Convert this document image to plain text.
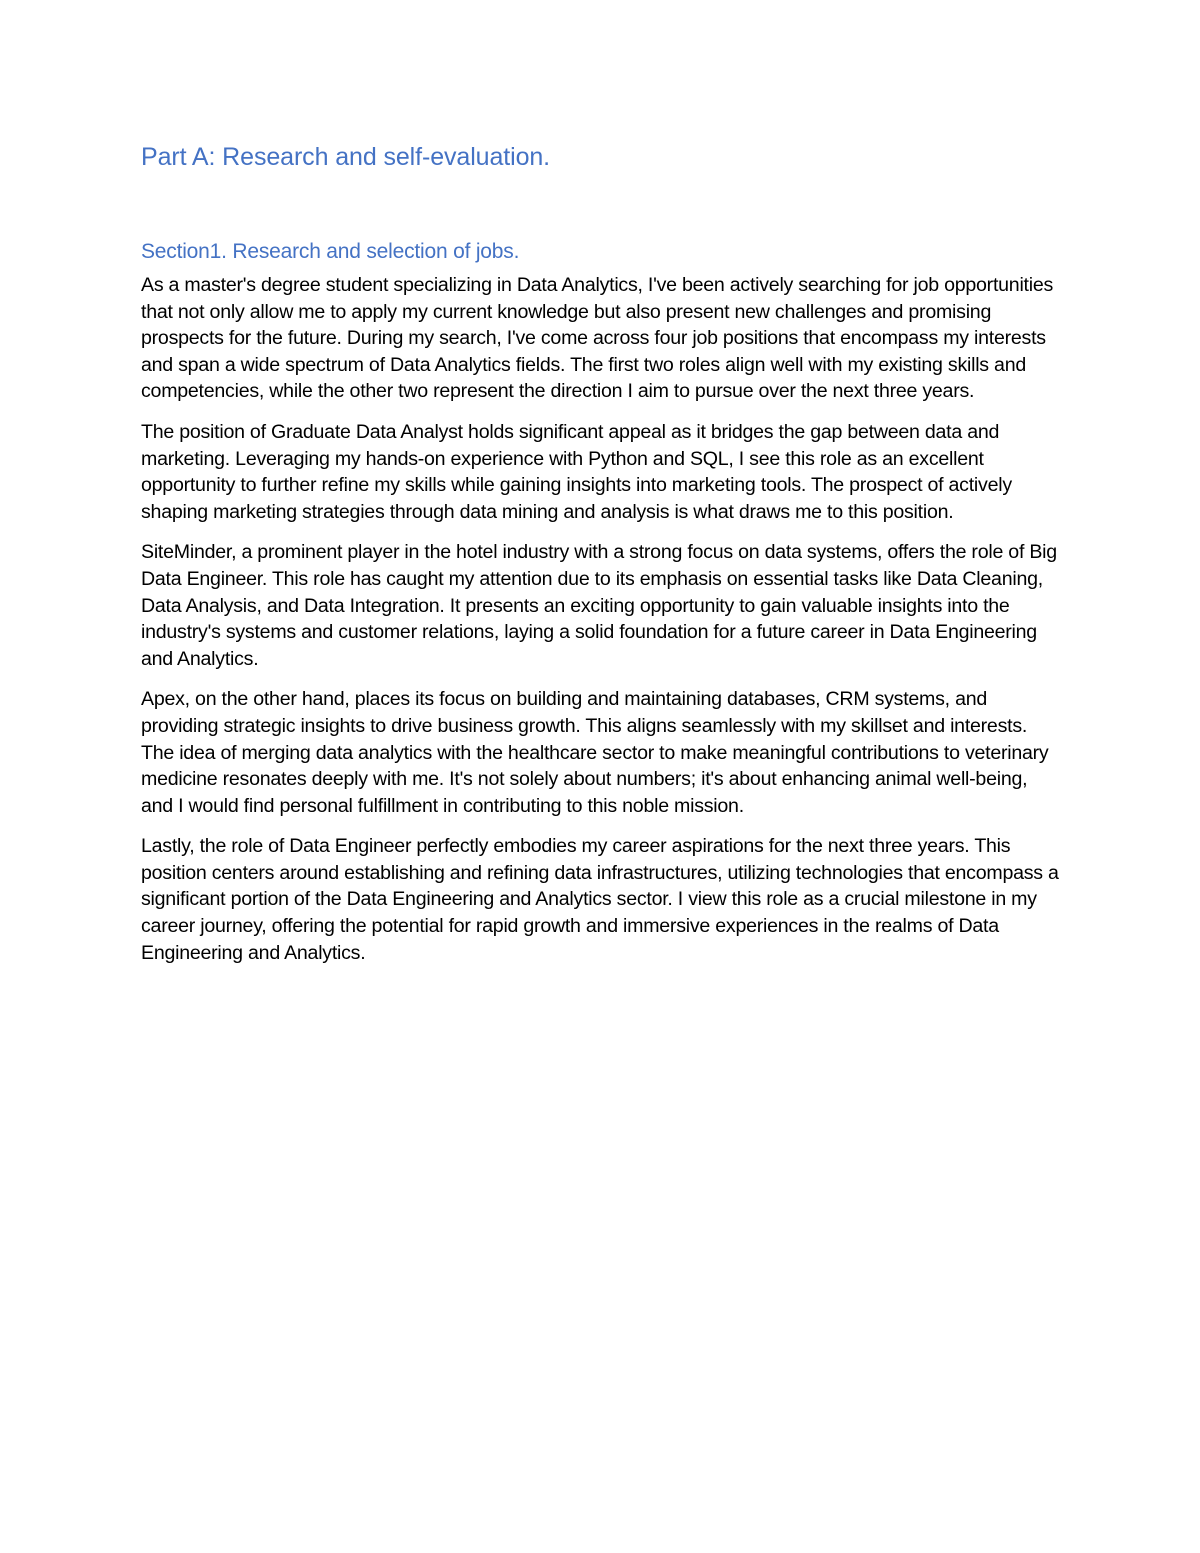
Part A: Research and self-evaluation.
Section1. Research and selection of jobs.

As a master's degree student specializing in Data Analytics, I've been actively searching for job opportunities that not only allow me to apply my current knowledge but also present new challenges and promising prospects for the future. During my search, I've come across four job positions that encompass my interests and span a wide spectrum of Data Analytics fields. The first two roles align well with my existing skills and competencies, while the other two represent the direction I aim to pursue over the next three years.

The position of Graduate Data Analyst holds significant appeal as it bridges the gap between data and marketing. Leveraging my hands-on experience with Python and SQL, I see this role as an excellent opportunity to further refine my skills while gaining insights into marketing tools. The prospect of actively shaping marketing strategies through data mining and analysis is what draws me to this position.

SiteMinder, a prominent player in the hotel industry with a strong focus on data systems, offers the role of Big Data Engineer. This role has caught my attention due to its emphasis on essential tasks like Data Cleaning, Data Analysis, and Data Integration. It presents an exciting opportunity to gain valuable insights into the industry's systems and customer relations, laying a solid foundation for a future career in Data Engineering and Analytics.

Apex, on the other hand, places its focus on building and maintaining databases, CRM systems, and providing strategic insights to drive business growth. This aligns seamlessly with my skillset and interests. The idea of merging data analytics with the healthcare sector to make meaningful contributions to veterinary medicine resonates deeply with me. It's not solely about numbers; it's about enhancing animal well-being, and I would find personal fulfillment in contributing to this noble mission.

Lastly, the role of Data Engineer perfectly embodies my career aspirations for the next three years. This position centers around establishing and refining data infrastructures, utilizing technologies that encompass a significant portion of the Data Engineering and Analytics sector. I view this role as a crucial milestone in my career journey, offering the potential for rapid growth and immersive experiences in the realms of Data Engineering and Analytics.
